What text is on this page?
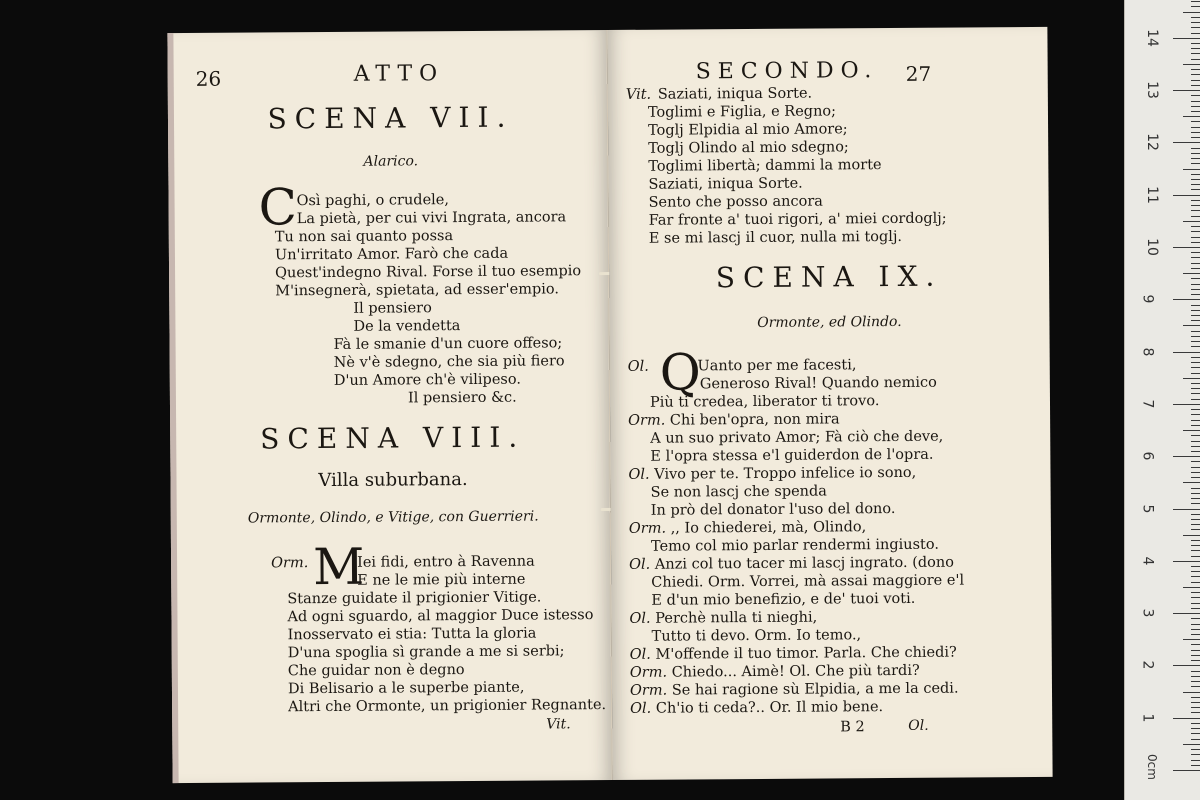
26	ATTO
SCENA VII.
Alarico.
C Osì paghi, o crudele,
La pietà, per cui vivi Ingrata, ancora
Tu non sai quanto possa
Un'irritato Amor. Farò che cada
Quest'indegno Rival. Forse il tuo esempio
M'insegnerà, spietata, ad esser'empio.
Il pensiero
De la vendetta
Fà le smanie d'un cuore offeso;
Nè v'è sdegno, che sia più fiero
D'un Amore ch'è vilipeso.
Il pensiero &c.
SCENA VIII.
Villa suburbana.
Ormonte, Olindo, e Vitige, con Guerrieri.
Orm. M
Iei fidi, entro à Ravenna
E ne le mie più interne
Stanze guidate il prigionier Vitige.
Ad ogni sguardo, al maggior Duce istesso
Inosservato ei stia: Tutta la gloria
D'una spoglia sì grande a me si serbi;
Che guidar non è degno
Di Belisario a le superbe piante,
Altri che Ormonte, un prigionier Regnante.
Vit.
SECONDO. 27
Vit. Saziati, iniqua Sorte.
Toglimi e Figlia, e Regno;
Toglj Elpidia al mio Amore;
Toglj Olindo al mio sdegno;
Toglimi libertà; dammi la morte
Saziati, iniqua Sorte.
Sento che posso ancora
Far fronte a' tuoi rigori, a' miei cordoglj;
E se mi lascj il cuor, nulla mi toglj.
SCENA IX.
Ormonte, ed Olindo.
Q
Ol.	Uanto per me facesti,
Generoso Rival! Quando nemico
Più ti credea, liberator ti trovo.
Orm. Chi ben'opra, non mira
A un suo privato Amor; Fà ciò che deve,
E l'opra stessa e'l guiderdon de l'opra.
Ol. Vivo per te. Troppo infelice io sono,
Se non lascj che spenda
In prò del donator l'uso del dono.
Orm. ,, Io chiederei, mà, Olindo,
Temo col mio parlar rendermi ingiusto.
Ol. Anzi col tuo tacer mi lascj ingrato. (dono
Chiedi. Orm. Vorrei, mà assai maggiore e'l
E d'un mio benefizio, e de' tuoi voti.
Ol. Perchè nulla ti nieghi,
Tutto ti devo. Orm. Io temo.,
Ol. M'offende il tuo timor. Parla. Che chiedi?
Orm. Chiedo... Aimè! Ol. Che più tardi?
Orm. Se hai ragione sù Elpidia, a me la cedi.
Ol. Ch'io ti ceda?.. Or. Il mio bene.
B 2	Ol.
0cm
1
2
3
4
5
6
7
8
9
10
11
12
13
14
